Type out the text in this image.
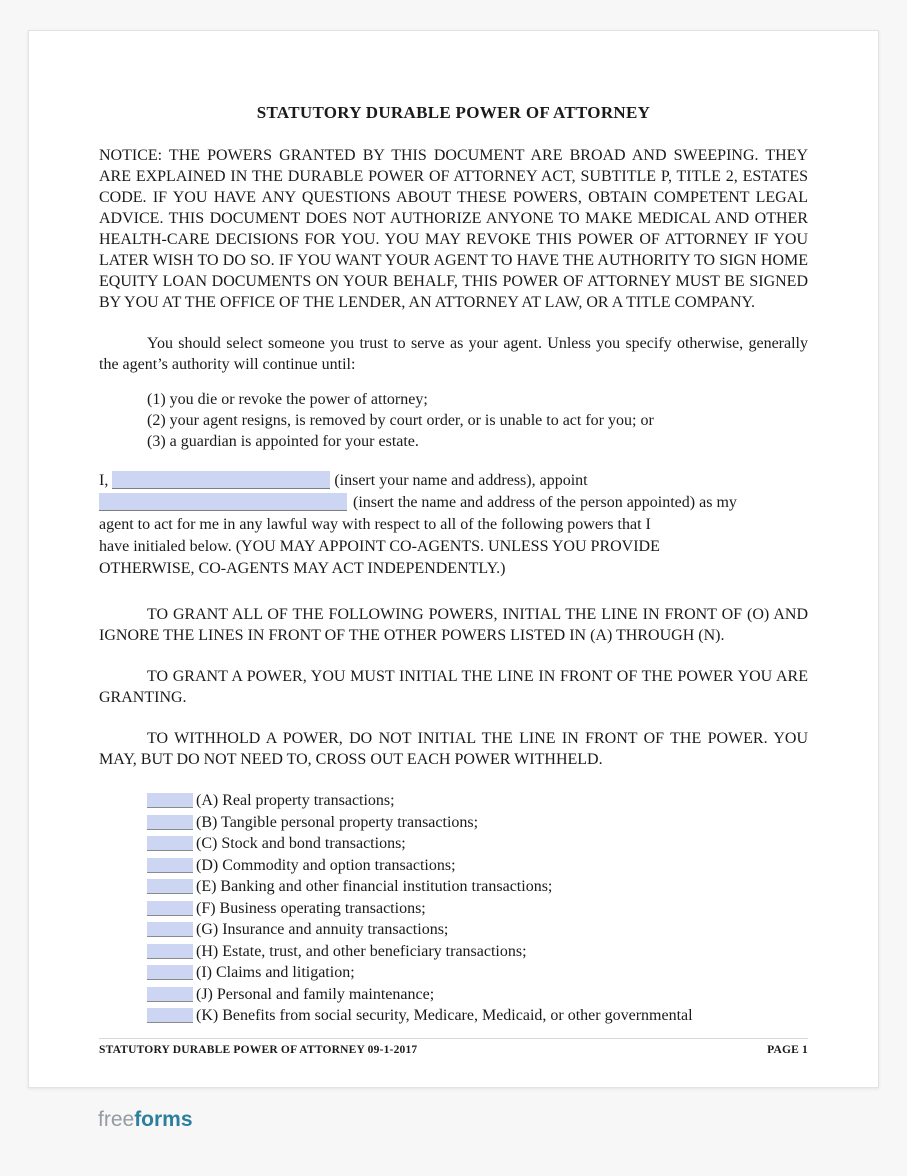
STATUTORY DURABLE POWER OF ATTORNEY

NOTICE: THE POWERS GRANTED BY THIS DOCUMENT ARE BROAD AND SWEEPING. THEY ARE EXPLAINED IN THE DURABLE POWER OF ATTORNEY ACT, SUBTITLE P, TITLE 2, ESTATES CODE. IF YOU HAVE ANY QUESTIONS ABOUT THESE POWERS, OBTAIN COMPETENT LEGAL ADVICE. THIS DOCUMENT DOES NOT AUTHORIZE ANYONE TO MAKE MEDICAL AND OTHER HEALTH-CARE DECISIONS FOR YOU. YOU MAY REVOKE THIS POWER OF ATTORNEY IF YOU LATER WISH TO DO SO. IF YOU WANT YOUR AGENT TO HAVE THE AUTHORITY TO SIGN HOME EQUITY LOAN DOCUMENTS ON YOUR BEHALF, THIS POWER OF ATTORNEY MUST BE SIGNED BY YOU AT THE OFFICE OF THE LENDER, AN ATTORNEY AT LAW, OR A TITLE COMPANY.

You should select someone you trust to serve as your agent. Unless you specify otherwise, generally the agent’s authority will continue until:

(1) you die or revoke the power of attorney;
(2) your agent resigns, is removed by court order, or is unable to act for you; or
(3) a guardian is appointed for your estate.
I,	(insert your name and address), appoint
(insert the name and address of the person appointed) as my
agent to act for me in any lawful way with respect to all of the following powers that I
have initialed below. (YOU MAY APPOINT CO-AGENTS. UNLESS YOU PROVIDE
OTHERWISE, CO-AGENTS MAY ACT INDEPENDENTLY.)

TO GRANT ALL OF THE FOLLOWING POWERS, INITIAL THE LINE IN FRONT OF (O) AND IGNORE THE LINES IN FRONT OF THE OTHER POWERS LISTED IN (A) THROUGH (N).

TO GRANT A POWER, YOU MUST INITIAL THE LINE IN FRONT OF THE POWER YOU ARE GRANTING.

TO WITHHOLD A POWER, DO NOT INITIAL THE LINE IN FRONT OF THE POWER. YOU MAY, BUT DO NOT NEED TO, CROSS OUT EACH POWER WITHHELD.

(A) Real property transactions;
(B) Tangible personal property transactions;
(C) Stock and bond transactions;
(D) Commodity and option transactions;
(E) Banking and other financial institution transactions;
(F) Business operating transactions;
(G) Insurance and annuity transactions;
(H) Estate, trust, and other beneficiary transactions;
(I) Claims and litigation;
(J) Personal and family maintenance;
(K) Benefits from social security, Medicare, Medicaid, or other governmental
STATUTORY DURABLE POWER OF ATTORNEY 09-1-2017	PAGE 1
freeforms
